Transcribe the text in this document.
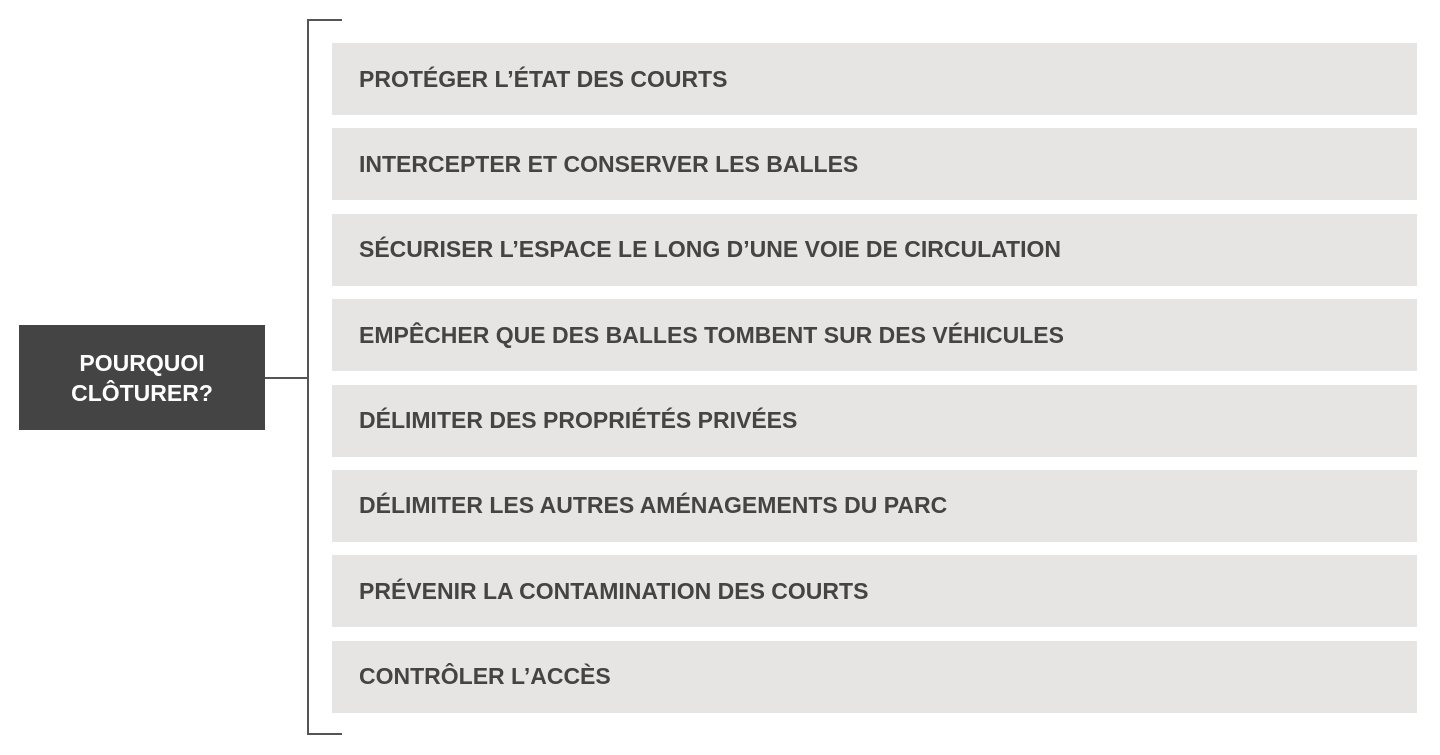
POURQUOI
CLÔTURER?
PROTÉGER L’ÉTAT DES COURTS
INTERCEPTER ET CONSERVER LES BALLES
SÉCURISER L’ESPACE LE LONG D’UNE VOIE DE CIRCULATION
EMPÊCHER QUE DES BALLES TOMBENT SUR DES VÉHICULES
DÉLIMITER DES PROPRIÉTÉS PRIVÉES
DÉLIMITER LES AUTRES AMÉNAGEMENTS DU PARC
PRÉVENIR LA CONTAMINATION DES COURTS
CONTRÔLER L’ACCÈS
